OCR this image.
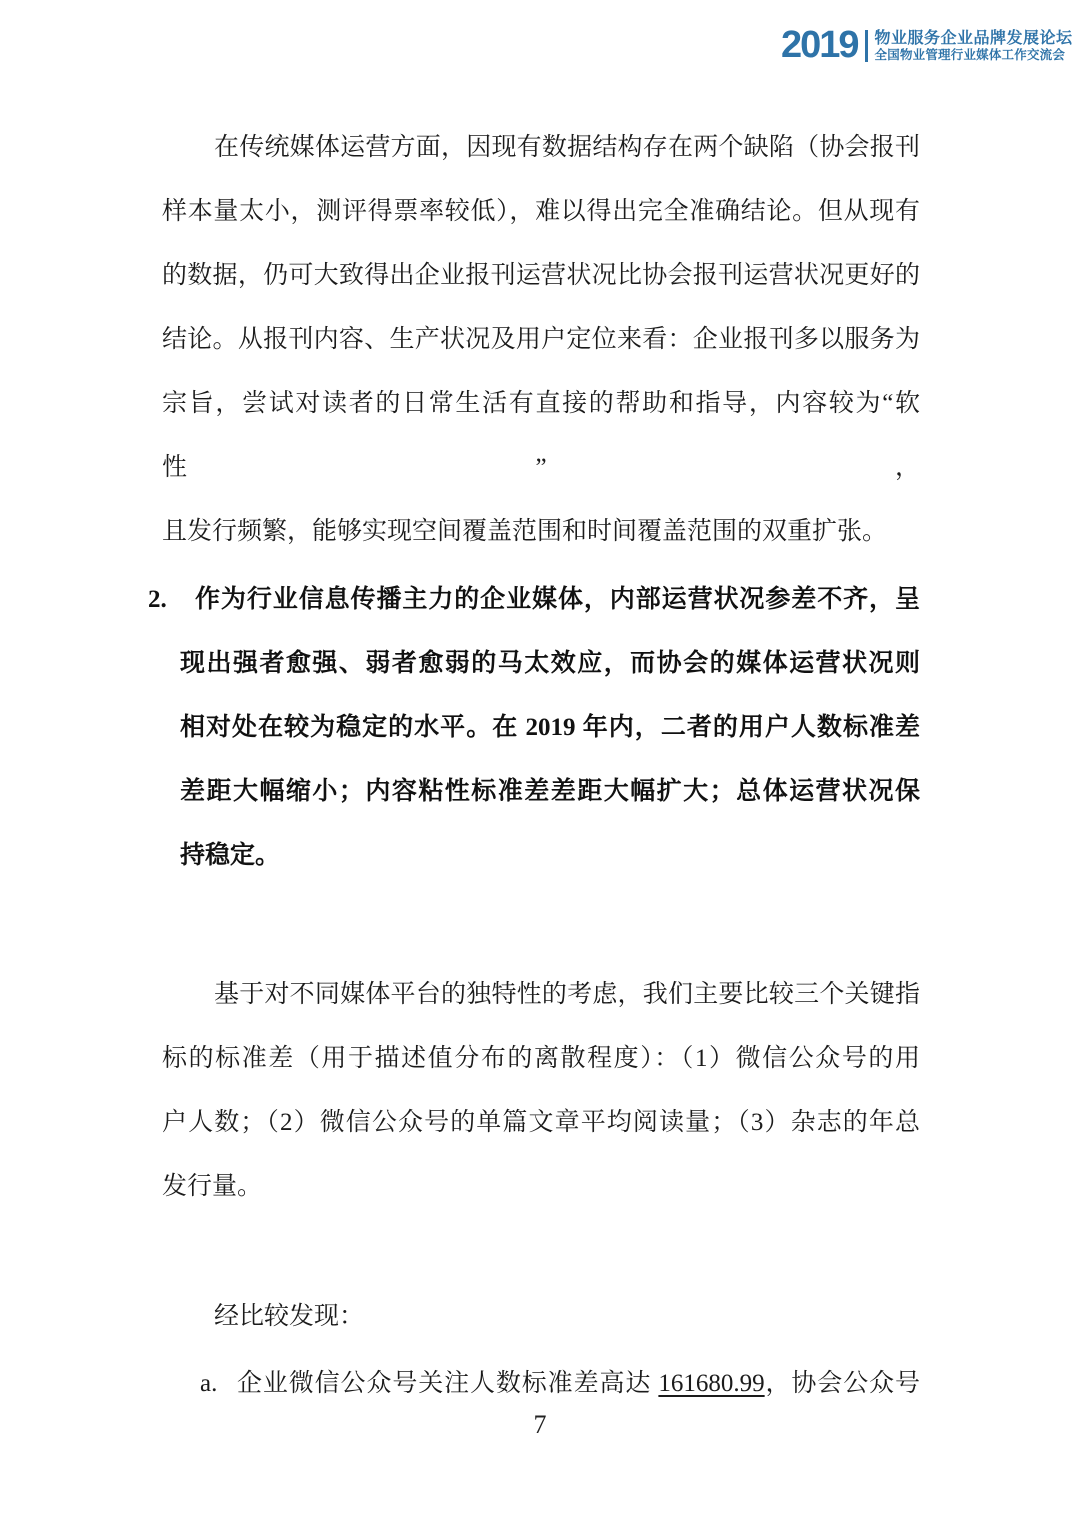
2019 物业服务企业品牌发展论坛
全国物业管理行业媒体工作交流会
在传统媒体运营方面，因现有数据结构存在两个缺陷（协会报刊
样本量太小，测评得票率较低），难以得出完全准确结论。但从现有
的数据，仍可大致得出企业报刊运营状况比协会报刊运营状况更好的
结论。从报刊内容、生产状况及用户定位来看：企业报刊多以服务为
宗旨，尝试对读者的日常生活有直接的帮助和指导，内容较为“软性”，
且发行频繁，能够实现空间覆盖范围和时间覆盖范围的双重扩张。
2.	作为行业信息传播主力的企业媒体，内部运营状况参差不齐，呈
现出强者愈强、弱者愈弱的马太效应，而协会的媒体运营状况则
相对处在较为稳定的水平。在 2019 年内，二者的用户人数标准差
差距大幅缩小；内容粘性标准差差距大幅扩大；总体运营状况保
持稳定。
基于对不同媒体平台的独特性的考虑，我们主要比较三个关键指
标的标准差（用于描述值分布的离散程度）：（1）微信公众号的用
户人数；（2）微信公众号的单篇文章平均阅读量；（3）杂志的年总
发行量。
经比较发现：
a. 企业微信公众号关注人数标准差高达 161680.99，协会公众号
7
